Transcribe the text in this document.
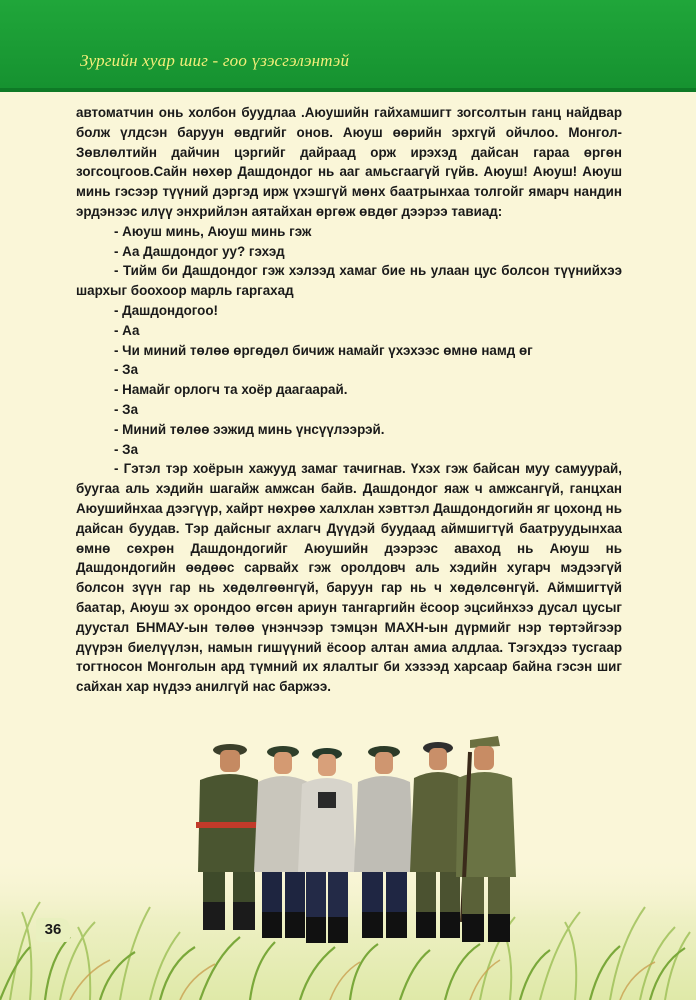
Зургийн хуар шиг - гоо үзэсгэлэнтэй
автоматчин онь холбон буудлаа .Аюушийн гайхамшигт зогсолтын ганц найдвар болж үлдсэн баруун өвдгийг онов. Аюуш өөрийн эрхгүй ойчлоо. Монгол- Зөвлөлтийн дайчин цэргийг дайраад орж ирэхэд дайсан гараа өргөн зогсоцгоов.Сайн нөхөр Дашдондог нь ааг амьсгаагүй гүйв. Аюуш! Аюуш! Аюуш минь гэсээр түүний дэргэд ирж үхэшгүй мөнх баатрынхаа толгойг ямарч нандин эрдэнээс илүү энхрийлэн аятайхан өргөж өвдөг дээрээ тавиад:
- Аюуш минь, Аюуш минь гэж
- Аа Дашдондог уу? гэхэд
- Тийм би Дашдондог гэж хэлээд хамаг бие нь улаан цус болсон түүнийхээ шархыг боохоор марль гаргахад
- Дашдондогоо!
- Аа
- Чи миний төлөө өргөдөл бичиж намайг үхэхээс өмнө намд өг
- За
- Намайг орлогч та хоёр даагаарай.
- За
- Миний төлөө ээжид минь үнсүүлээрэй.
- За
- Гэтэл тэр хоёрын хажууд замаг тачигнав. Үхэх гэж байсан муу самуурай, буугаа аль хэдийн шагайж амжсан байв. Дашдондог яаж ч амжсангүй, ганцхан Аюушийнхаа дээгүүр, хайрт нөхрөө халхлан хэвттэл Дашдондогийн яг цохонд нь дайсан буудав. Тэр дайсныг ахлагч Дүүдэй буудаад аймшигтүй баатруудынхаа өмнө сөхрөн Дашдондогийг Аюушийн дээрээс аваход нь Аюуш нь Дашдондогийн өөдөөс сарвайх гэж оролдовч аль хэдийн хугарч мэдээгүй болсон зүүн гар нь хөдөлгөөнгүй, баруун гар нь ч хөдөлсөнгүй. Аймшигтүй баатар, Аюуш эх орондоо өгсөн ариун тангаргийн ёсоор эцсийнхээ дусал цусыг дуустал БНМАУ-ын төлөө үнэнчээр тэмцэн МАХН-ын дүрмийг нэр төртэйгээр дүүрэн биелүүлэн, намын гишүүний ёсоор алтан амиа алдлаа. Тэгэхдээ тусгаар тогтносон Монголын ард түмний их ялалтыг би хэзээд харсаар байна гэсэн шиг сайхан хар нүдээ анилгүй нас баржээ.
36
